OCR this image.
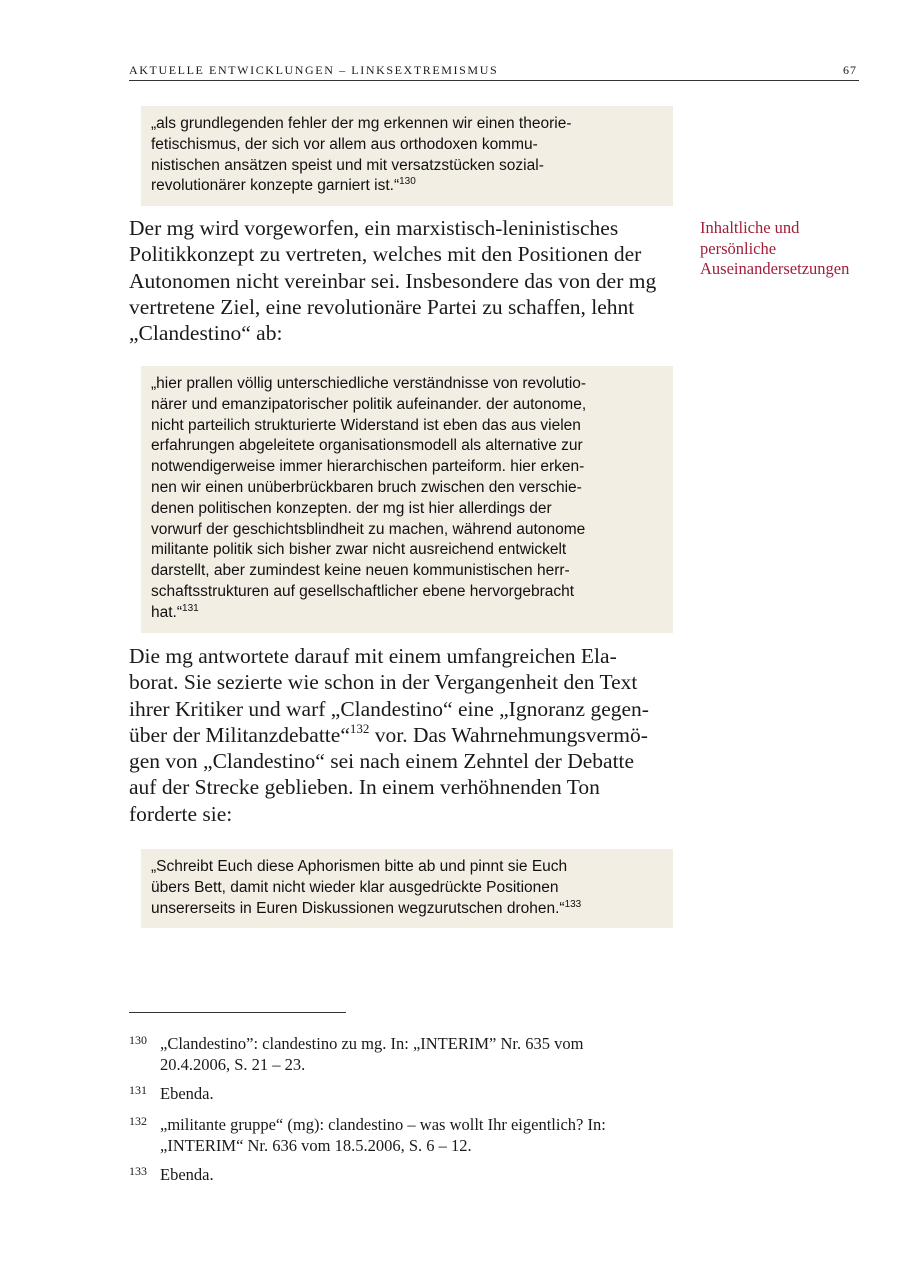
AKTUELLE ENTWICKLUNGEN – LINKSEXTREMISMUS	67
„als grundlegenden fehler der mg erkennen wir einen theorie-
fetischismus, der sich vor allem aus orthodoxen kommu-
nistischen ansätzen speist und mit versatzstücken sozial-
revolutionärer konzepte garniert ist.“$^{130}$
Der mg wird vorgeworfen, ein marxistisch-leninistisches
Politikkonzept zu vertreten, welches mit den Positionen der
Autonomen nicht vereinbar sei. Insbesondere das von der mg
vertretene Ziel, eine revolutionäre Partei zu schaffen, lehnt
„Clandestino“ ab:
Inhaltliche und
persönliche
Auseinandersetzungen
„hier prallen völlig unterschiedliche verständnisse von revolutio-
närer und emanzipatorischer politik aufeinander. der autonome,
nicht parteilich strukturierte Widerstand ist eben das aus vielen
erfahrungen abgeleitete organisationsmodell als alternative zur
notwendigerweise immer hierarchischen parteiform. hier erken-
nen wir einen unüberbrückbaren bruch zwischen den verschie-
denen politischen konzepten. der mg ist hier allerdings der
vorwurf der geschichtsblindheit zu machen, während autonome
militante politik sich bisher zwar nicht ausreichend entwickelt
darstellt, aber zumindest keine neuen kommunistischen herr-
schaftsstrukturen auf gesellschaftlicher ebene hervorgebracht
hat.“$^{131}$
Die mg antwortete darauf mit einem umfangreichen Ela-
borat. Sie sezierte wie schon in der Vergangenheit den Text
ihrer Kritiker und warf „Clandestino“ eine „Ignoranz gegen-
über der Militanzdebatte“$^{132}$ vor. Das Wahrnehmungsvermö-
gen von „Clandestino“ sei nach einem Zehntel der Debatte
auf der Strecke geblieben. In einem verhöhnenden Ton
forderte sie:
„Schreibt Euch diese Aphorismen bitte ab und pinnt sie Euch
übers Bett, damit nicht wieder klar ausgedrückte Positionen
unsererseits in Euren Diskussionen wegzurutschen drohen.“$^{133}$
130 „Clandestino”: clandestino zu mg. In: „INTERIM” Nr. 635 vom
20.4.2006, S. 21 – 23.
131 Ebenda.
132 „militante gruppe“ (mg): clandestino – was wollt Ihr eigentlich? In:
„INTERIM“ Nr. 636 vom 18.5.2006, S. 6 – 12.
133 Ebenda.
